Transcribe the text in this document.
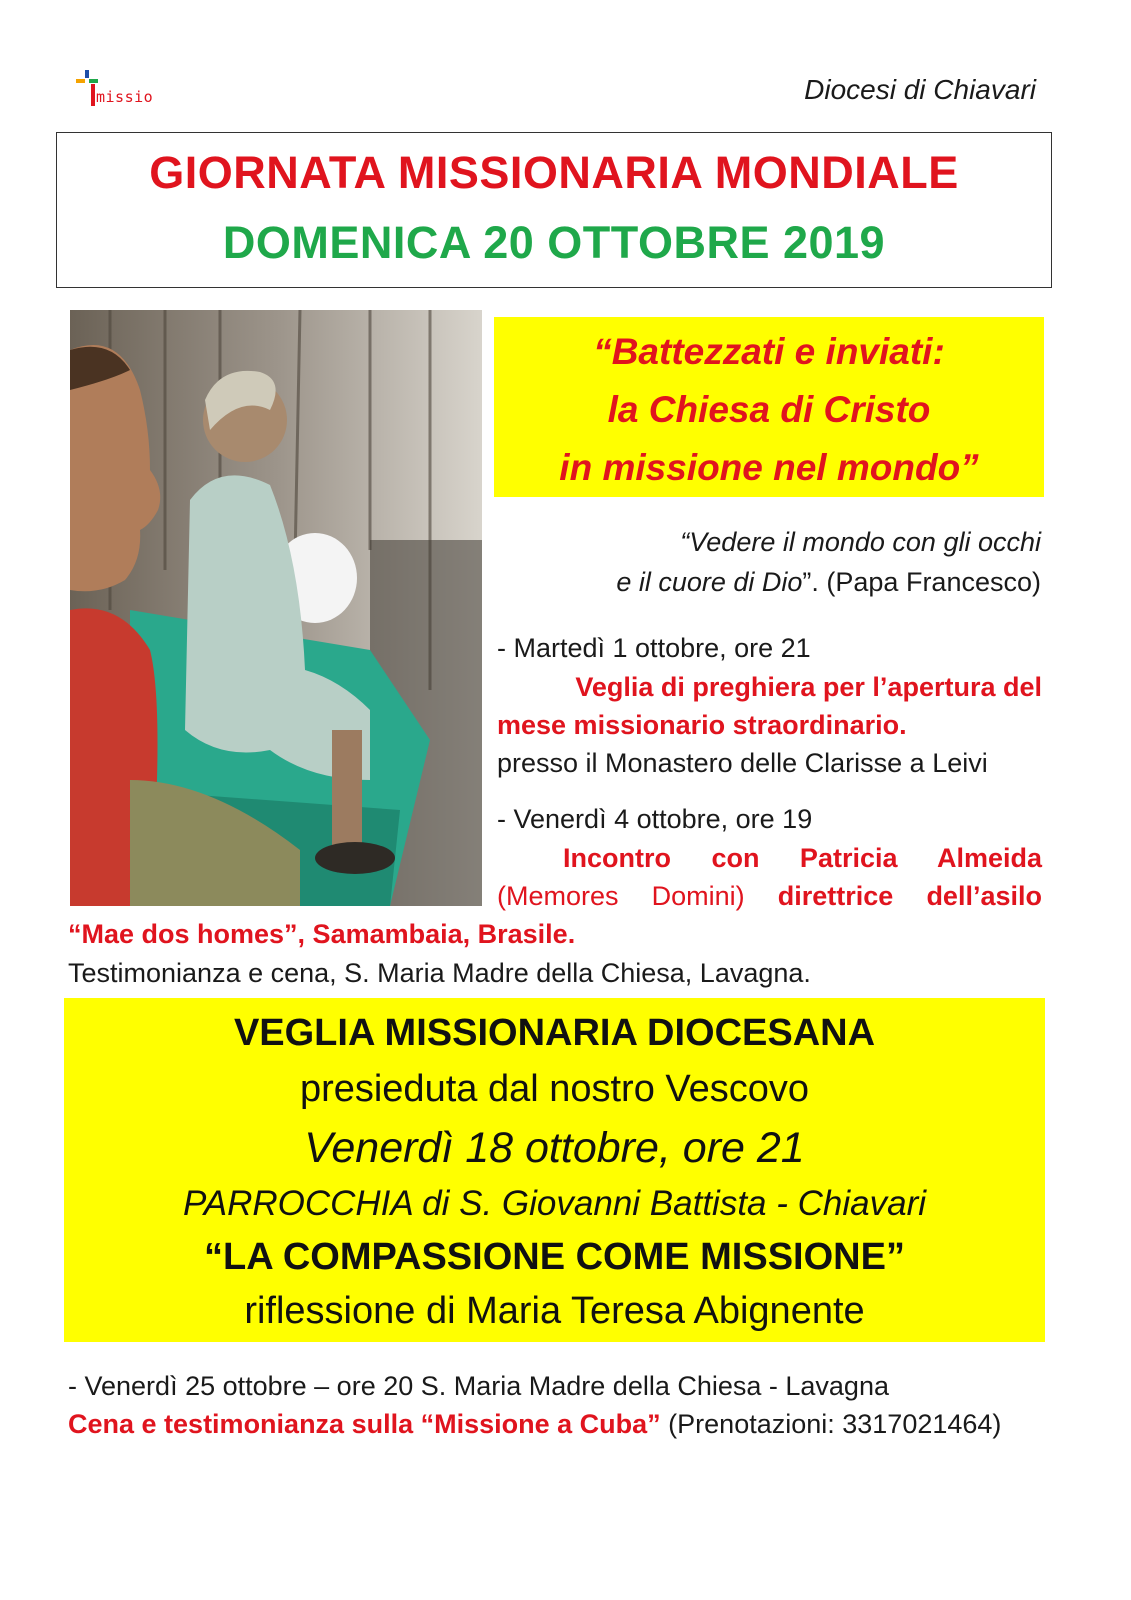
missio	Diocesi di Chiavari
GIORNATA MISSIONARIA MONDIALE
DOMENICA 20 OTTOBRE 2019
“Battezzati e inviati:
la Chiesa di Cristo
in missione nel mondo”
“Vedere il mondo con gli occhi
e il cuore di Dio”. (Papa Francesco)
- Martedì 1 ottobre, ore 21
Veglia di preghiera per l’apertura del
mese missionario straordinario.
presso il Monastero delle Clarisse a Leivi
- Venerdì 4 ottobre, ore 19
Incontro con Patricia Almeida
(Memores Domini) direttrice dell’asilo
“Mae dos homes”, Samambaia, Brasile.
Testimonianza e cena, S. Maria Madre della Chiesa, Lavagna.
VEGLIA MISSIONARIA DIOCESANA
presieduta dal nostro Vescovo
Venerdì 18 ottobre, ore 21
PARROCCHIA di S. Giovanni Battista - Chiavari
“LA COMPASSIONE COME MISSIONE”
riflessione di Maria Teresa Abignente
- Venerdì 25 ottobre – ore 20 S. Maria Madre della Chiesa - Lavagna
Cena e testimonianza sulla “Missione a Cuba” (Prenotazioni: 3317021464)
